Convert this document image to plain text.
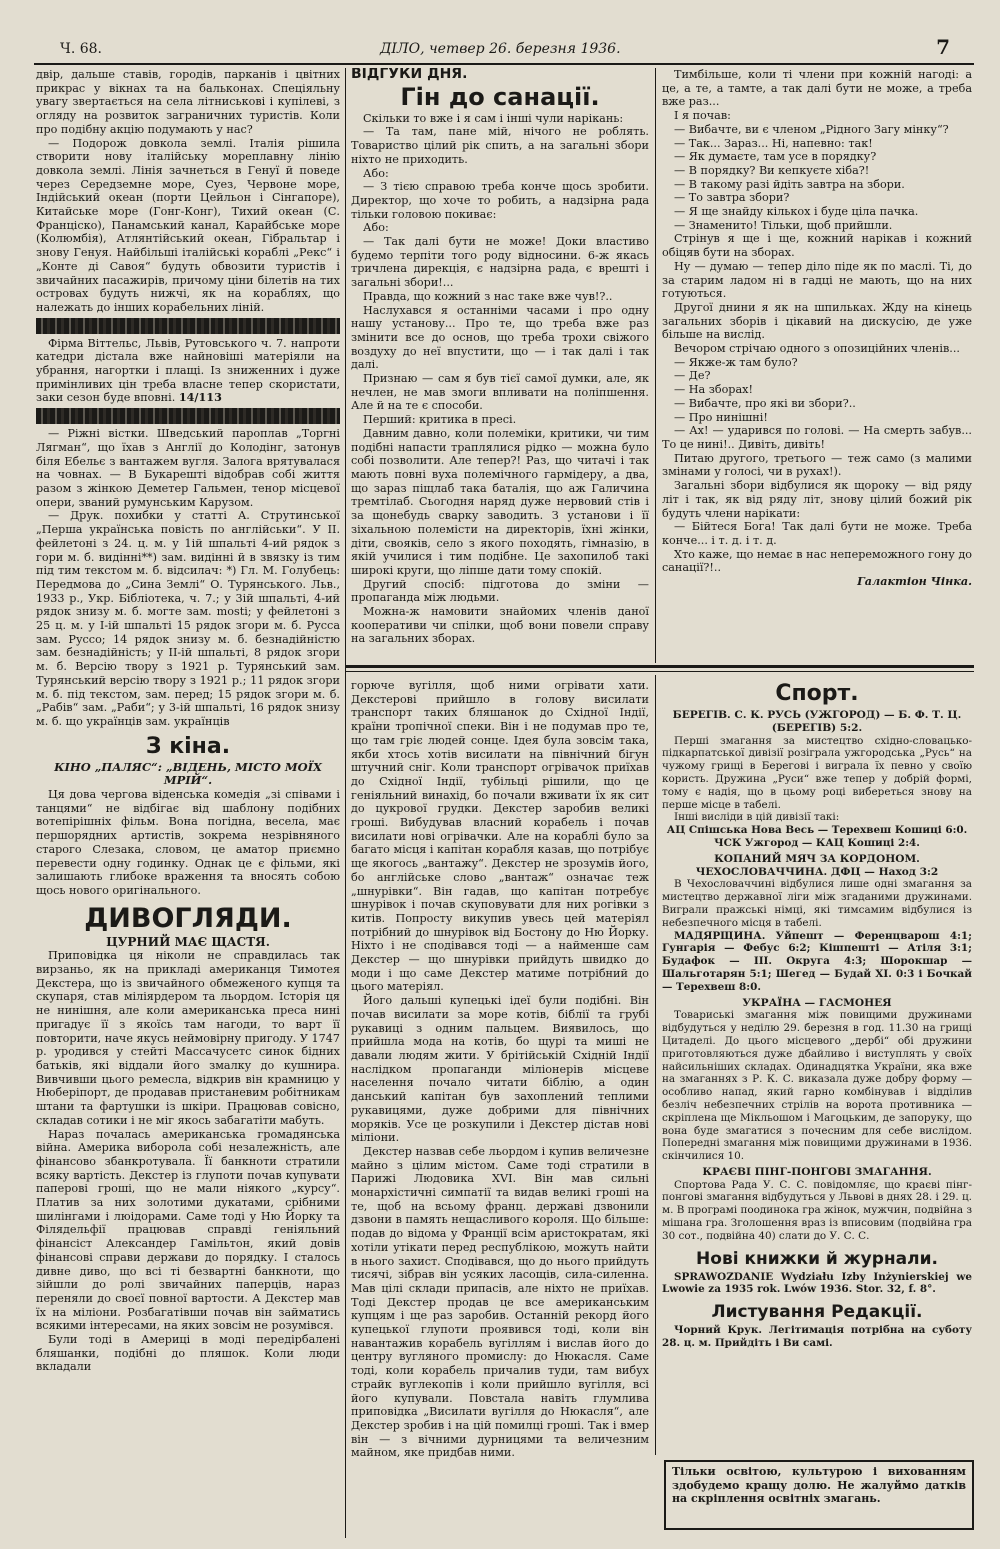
Ч. 68.	ДІЛО, четвер 26. березня 1936.	7

двір, дальше ставів, городів, парканів і цвітних прикрас у вікнах та на бальконах. Спеціяльну увагу звертається на села літниськові і купілеві, з огляду на розвиток заграничних туристів. Коли про подібну акцію подумають у нас?

— Подорож довкола землі. Італія рішила створити нову італійську мореплавну лінію довкола землі. Лінія зачнеться в Генуї й поведе через Середземне море, Суез, Червоне море, Індійський океан (порти Цейльон і Сінгапоре), Китайське море (Гонг-Конг), Тихий океан (С. Франціско), Панамський канал, Карайбське море (Колюмбія), Атлянтійський океан, Гібральтар і знову Генуя. Найбільші італійські кораблі „Рекс“ і „Конте ді Савоя“ будуть обвозити туристів і звичайних пасажирів, причому ціни білетів на тих островах будуть нижчі, як на кораблях, що належать до інших корабельних ліній.

Фірма Віттельс, Львів, Рутовського ч. 7. напроти катедри дістала вже найновіші матеріяли на убрання, нагортки і плащі. Із зниженних і дуже примінливих цін треба власне тепер скористати, заки сезон буде вповні. 14/113

— Ріжні вістки. Шведський пароплав „Торгні Лягман“, що їхав з Англії до Колодінг, затонув біля Ебельє з вантажем вугля. Залога врятувалася на човнах. — В Букарешті відобрав собі життя разом з жінкою Деметер Гальмен, тенор місцевої опери, званий румунським Карузом.

— Друк. похибки у статті А. Струтинської „Перша українська повість по англійськи“. У II. фейлетоні з 24. ц. м. у 1ій шпальті 4-ий рядок з гори м. б. видінні**) зам. видінні й в звязку із тим під тим текстом м. б. відсилач: *) Гл. М. Голубець: Передмова до „Сина Землі“ О. Турянського. Льв., 1933 р., Укр. Бібліотека, ч. 7.; у 3ій шпальті, 4-ий рядок знизу м. б. могте зам. mosti; у фейлетоні з 25 ц. м. у І-ій шпальті 15 рядок згори м. б. Русса зам. Руссо; 14 рядок знизу м. б. безнадійністю зам. безнадійність; у ІІ-ій шпальті, 8 рядок згори м. б. Версію твору з 1921 р. Турянський зам. Турянський версію твору з 1921 р.; 11 рядок згори м. б. під текстом, зам. перед; 15 рядок згори м. б. „Рабів“ зам. „Раби“; у 3-ій шпальті, 16 рядок знизу м. б. що українців зам. українців

З кіна.
КІНО „ПАЛЯС“: „ВІДЕНЬ, МІСТО МОЇХ МРІЙ“.

Ця дова чергова віденська комедія „зі співами і танцями“ не відбігає від шаблону подібних вотепірішніх фільм. Вона погідна, весела, має першорядних артистів, зокрема незрівняного старого Слезака, словом, це аматор приємно перевести одну годинку. Однак це є фільми, які залишають глибоке враження та вносять собою щось нового оригінального.

ДИВОГЛЯДИ.
ЦУРНИЙ МАЄ ЩАСТЯ.

Приповідка ця ніколи не справдилась так вирзаньо, як на прикладі американця Тимотея Декстера, що із звичайного обмеженого купця та скупаря, став міліярдером та льордом. Історія ця не нинішня, але коли американська преса нині пригадує її з якоїсь там нагоди, то варт її повторити, наче якусь неймовірну пригоду. У 1747 р. уродився у стейті Массачусетс синок бідних батьків, які віддали його змалку до кушнира. Вивчивши цього ремесла, відкрив він крамницю у Нюберіпорт, де продавав пристаневим робітникам штани та фартушки із шкіри. Працював совісно, складав сотики і не міг якось забагатіти мабуть.

Нараз почалась американська громадянська війна. Америка виборола собі незалежність, але фінансово збанкротувала. Її банкноти стратили всяку вартість. Декстер із глупоти почав купувати паперові гроші, що не мали ніякого „курсу“. Платив за них золотими дукатами, срібними шилінгами і люідорами. Саме тоді у Ню Йорку та Філядельфії працював справді геніяльний фінансіст Александер Гамільтон, який довів фінансові справи держави до порядку. І сталось дивне диво, що всі ті безвартні банкноти, що зійшли до ролі звичайних паперців, нараз переняли до своєї повної вартости. А Декстер мав їх на міліони. Розбагатівши почав він займатись всякими інтересами, на яких зовсім не розумівся.

Були тоді в Америці в моді передірбалені бляшанки, подібні до пляшок. Коли люди вкладали

ВІДГУКИ ДНЯ.
Гін до санації.

Скільки то вже і я сам і інші чули нарікань:

— Та там, пане мій, нічого не роблять. Товариство цілий рік спить, а на загальні збори ніхто не приходить.

Або:

— З тією справою треба конче щось зробити. Директор, що хоче то робить, а надзірна рада тільки головою покиває:

Або:

— Так далі бути не може! Доки властиво будемо терпіти того роду відносини. 6-ж якась тричлена дирекція, є надзірна рада, є врешті і загальні збори!...

Правда, що кожний з нас таке вже чув!?..

Наслухався я останніми часами і про одну нашу установу... Про те, що треба вже раз змінити все до основ, що треба трохи свіжого воздуху до неї впустити, що — і так далі і так далі.

Признаю — сам я був тієї самої думки, але, як нечлен, не мав змоги впливати на поліпшення. Але й на те є способи.

Перший: критика в пресі.

Давним давно, коли полеміки, критики, чи тим подібні напасти траплялися рідко — можна було собі позволити. Але тепер?! Раз, що читачі і так мають повні вуха полемічного гармідеру, а два, що зараз піщлаб така баталія, що аж Галичина тремтілаб. Сьогодня наряд дуже нервовий стів і за щонебудь сварку заводить. З установи і її зіхальною полемісти на директорів, їхні жінки, діти, свояків, село з якого походять, гімназію, в якій училися і тим подібне. Це захопилоб такі широкі круги, що ліпше дати тому спокій.

Другий спосіб: підготова до зміни — пропаганда між людьми.

Можна-ж намовити знайомих членів даної кооперативи чи спілки, щоб вони повели справу на загальних зборах.

Тимбільше, коли ті члени при кожній нагоді: а це, а те, а тамте, а так далі бути не може, а треба вже раз...

І я почав:

— Вибачте, ви є членом „Рідного Загу мінку“?

— Так... Зараз... Ні, напевно: так!

— Як думаєте, там усе в порядку?

— В порядку? Ви кепкуєте хіба?!

— В такому разі йдіть завтра на збори.

— То завтра збори?

— Я ще знайду кількох і буде ціла пачка.

— Знаменито! Тільки, щоб прийшли.

Стрінув я ще і ще, кожний нарікав і кожний обіцяв бути на зборах.

Ну — думаю — тепер діло піде як по маслі. Ті, до за старим ладом ні в гадці не мають, що на них готуються.

Другої днини я як на шпильках. Жду на кінець загальних зборів і цікавий на дискусію, де уже більше на вислід.

Вечором стрічаю одного з опозиційних членів...

— Якже-ж там було?

— Де?

— На зборах!

— Вибачте, про які ви збори?..

— Про нинішні!

— Ах! — ударився по голові. — На смерть забув... То це нині!.. Дивіть, дивіть!

Питаю другого, третього — теж само (з малими змінами у голосі, чи в рухах!).

Загальні збори відбулися як щороку — від ряду літ і так, як від ряду літ, знову цілий божий рік будуть члени нарікати:

— Бійтеся Бога! Так далі бути не може. Треба конче... і т. д. і т. д.

Хто каже, що немає в нас непереможного гону до санації?!..

Галактіон Чінка.

горюче вугілля, щоб ними огрівати хати. Декстерові прийшло в голову висилати транспорт таких бляшанок до Східної Індії, країни тропічної спеки. Він і не подумав про те, що там гріє людей сонце. Ідея була зовсім така, якби хтось хотів висилати на північний бігун штучний сніг. Коли транспорт огрівачок приїхав до Східної Індії, тубільці рішили, що це геніяльний винахід, бо почали вживати їх як сит до цукрової грудки. Декстер заробив великі гроші. Вибудував власний корабель і почав висилати нові огрівачки. Але на кораблі було за багато місця і капітан корабля казав, що потрібує ще якогось „вантажу“. Декстер не зрозумів його, бо англійське слово „вантаж“ означає теж „шнурівки“. Він гадав, що капітан потребує шнурівок і почав скуповувати для них рогівки з китів. Попросту викупив увесь цей матеріял потрібний до шнурівок від Бостону до Ню Йорку. Ніхто і не сподівався тоді — а найменше сам Декстер — що шнурівки прийдуть швидко до моди і що саме Декстер матиме потрібний до цього матеріял.

Його дальші купецькі ідеї були подібні. Він почав висилати за море котів, біблії та грубі рукавиці з одним пальцем. Виявилось, що прийшла мода на котів, бо щурі та миші не давали людям жити. У брітійській Східній Індії наслідком пропаганди міліонерів місцеве населення почало читати біблію, а один данський капітан був захоплений теплими рукавицями, дуже добрими для північних моряків. Усе це розкупили і Декстер дістав нові міліони.

Декстер назвав себе льордом і купив величезне майно з цілим містом. Саме тоді стратили в Парижі Людовика XVI. Він мав сильні монархістичні симпатії та видав великі гроші на те, щоб на всьому франц. державі дзвонили дзвони в память нещасливого короля. Що більше: подав до відома у Франції всім аристократам, які хотіли утікати перед республікою, можуть найти в нього захист. Сподівався, що до нього прийдуть тисячі, зібрав він усяких ласощів, сила-силенна. Мав цілі склади припасів, але ніхто не приїхав. Тоді Декстер продав це все американським купцям і ще раз заробив. Останній рекорд його купецької глупоти проявився тоді, коли він навантажив корабель вугіллям і вислав його до центру вугляного промислу: до Нюкасля. Саме тоді, коли корабель причалив туди, там вибух страйк вуглекопів і коли прийшло вугілля, всі його купували. Повстала навіть глумлива приповідка „Висилати вугілля до Нюкасля“, але Декстер зробив і на цій помилці гроші. Так і вмер він — з вічними дурницями та величезним майном, яке придбав ними.

Спорт.
БЕРЕГІВ. С. К. РУСЬ (УЖГОРОД) — Б. Ф. Т. Ц. (БЕРЕГІВ) 5:2.

Перші змагання за мистецтво східно-словацько-підкарпатської дивізії розіграла ужгородська „Русь“ на чужому грищі в Берегові і виграла їх певно у своїю користь. Дружина „Руси“ вже тепер у добрій формі, тому є надія, що в цьому році вибереться знову на перше місце в табелі.

Інші висліди в цій дивізії такі:

АЦ Спішська Нова Весь — Терехвеш Кошиці 6:0.

ЧСК Ужгород — КАЦ Кошиці 2:4.

КОПАНИЙ МЯЧ ЗА КОРДОНОМ.
ЧЕХОСЛОВАЧЧИНА. ДФЦ — Наход 3:2

В Чехословаччині відбулися лише одні змагання за мистецтво державної ліги між згаданими дружинами. Виграли пражські німці, які тимсамим відбулися із небезпечного місця в табелі.

МАДЯРЩИНА. Уйпешт — Ференцварош 4:1; Гунгарія — Фебус 6:2; Кішпешті — Атіля 3:1; Будафок — ІІІ. Округа 4:3; Шорокшар — Шальготарян 5:1; Шегед — Будай XI. 0:3 і Бочкай — Терехвеш 8:0.

УКРАЇНА — ГАСМОНЕЯ

Товариські змагання між повищими дружинами відбудуться у неділю 29. березня в год. 11.30 на грищі Цитаделі. До цього місцевого „дербі“ обі дружини приготовляються дуже дбайливо і виступлять у своїх найсильніших складах. Одинадцятка України, яка вже на змаганнях з Р. К. С. виказала дуже добру форму — особливо напад, який гарно комбінував і відділив безліч небезпечних стрілів на ворота противника — скріплена ще Мікльошом і Магоцьким, де запоруку, що вона буде змагатися з почесним для себе вислідом. Попередні змагання між повищими дружинами в 1936. скінчилися 10.

КРАЄВІ ПІНГ-ПОНГОВІ ЗМАГАННЯ.

Спортова Рада У. С. С. повідомляє, що краєві пінг-понгові змагання відбудуться у Львові в днях 28. і 29. ц. м. В програмі поодинока гра жінок, мужчин, подвійна з мішана гра. Зголошення враз із вписовим (подвійна гра 30 сот., подвійна 40) слати до У. С. С.

Нові книжки й журнали.

SPRAWOZDANIE Wydziału Izby Inżynierskiej we Lwowie za 1935 rok. Lwów 1936. Stor. 32, f. 8°.

Листування Редакції.

Чорний Крук. Легітимація потрібна на суботу 28. ц. м. Прийдіть і Ви самі.

Тільки освітою, культурою і вихованням здобудемо кращу долю. Не жалуймо датків на скріплення освітніх змагань.
